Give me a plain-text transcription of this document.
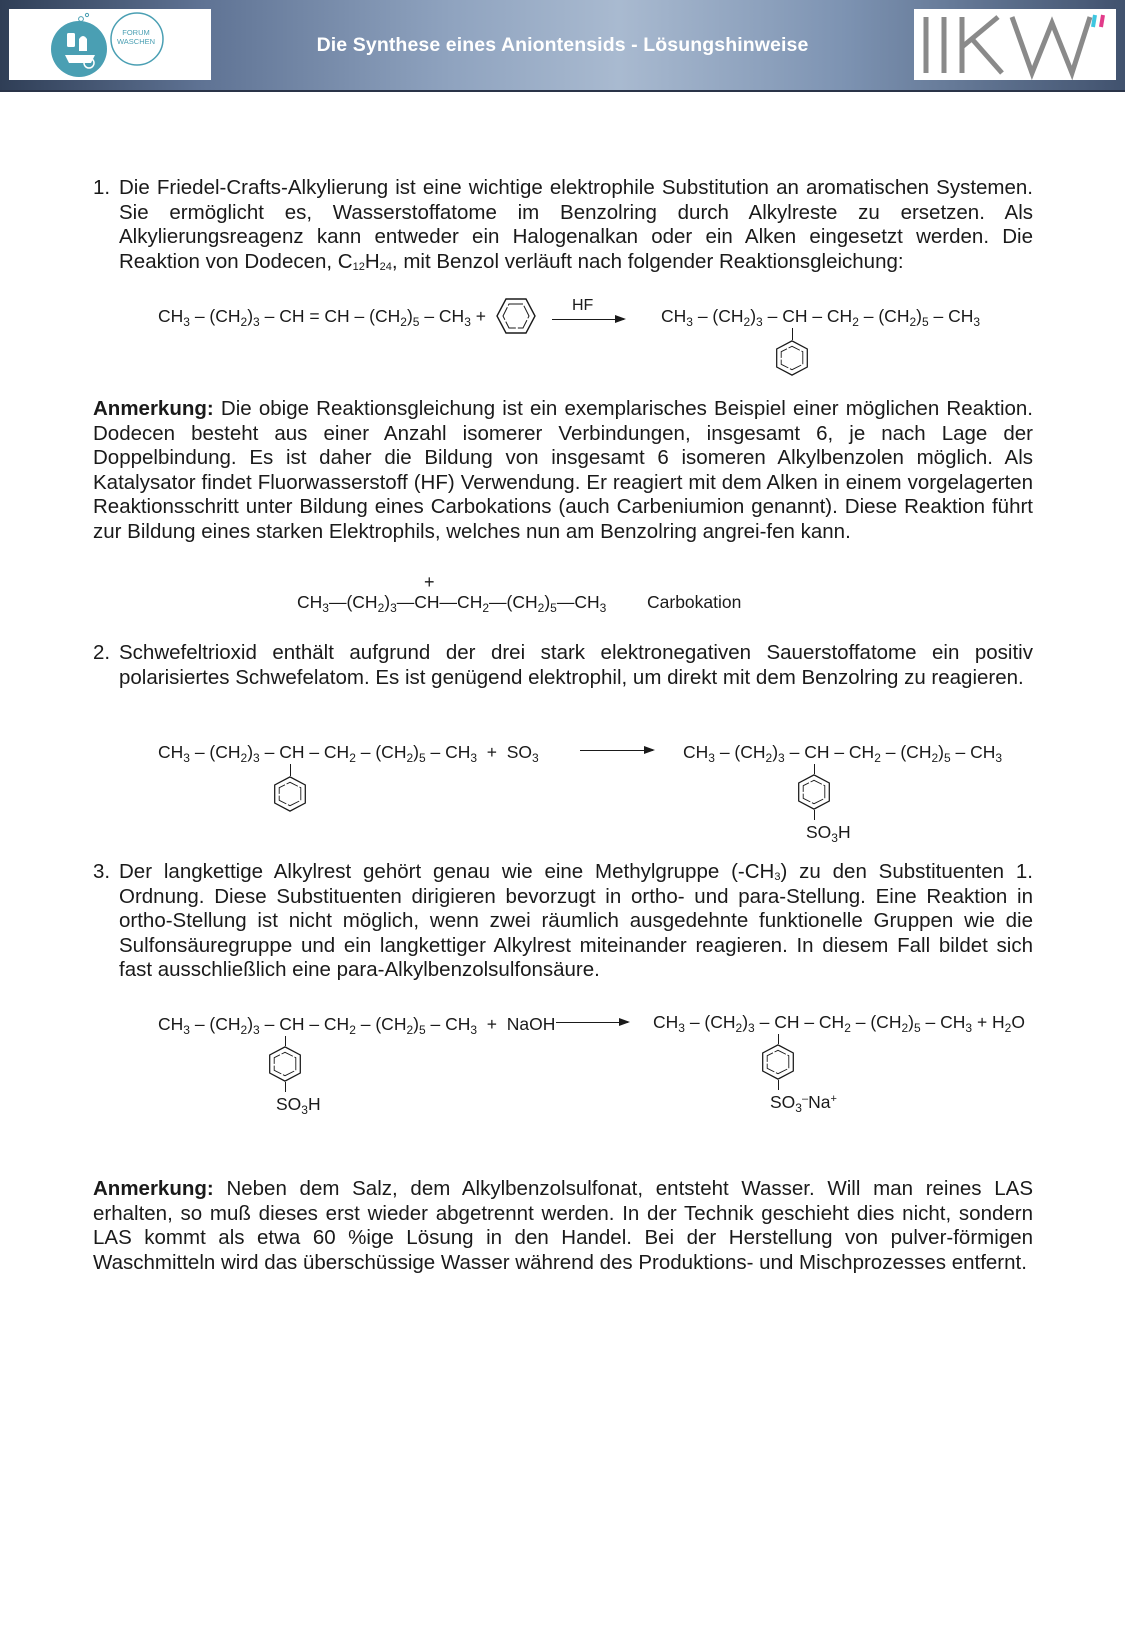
FORUM
WASCHEN	Die Synthese eines Aniontensids - Lösungshinweise
1. Die Friedel-Crafts-Alkylierung ist eine wichtige elektrophile Substitution an aromatischen Systemen. Sie ermöglicht es, Wasserstoffatome im Benzolring durch Alkylreste zu ersetzen. Als Alkylierungsreagenz kann entweder ein Halogenalkan oder ein Alken eingesetzt werden. Die Reaktion von Dodecen, C12H24, mit Benzol verläuft nach folgender Reaktionsgleichung:
$CH_3 - (CH_2)_3$ – CH = CH – $(CH_2)_5 - CH_3$ +
HF
$CH_3 - (CH_2)_3$ – CH – $CH_2 - (CH_2)_5 - CH_3$
Anmerkung: Die obige Reaktionsgleichung ist ein exemplarisches Beispiel einer möglichen Reaktion. Dodecen besteht aus einer Anzahl isomerer Verbindungen, insgesamt 6, je nach Lage der Doppelbindung. Es ist daher die Bildung von insgesamt 6 isomeren Alkylbenzolen möglich. Als Katalysator findet Fluorwasserstoff (HF) Verwendung. Er reagiert mit dem Alken in einem vorgelagerten Reaktionsschritt unter Bildung eines Carbokations (auch Carbeniumion genannt). Diese Reaktion führt zur Bildung eines starken Elektrophils, welches nun am Benzolring angrei-fen kann.
+
$CH_3—(CH_2)_3—CH—CH_2—(CH_2)_5—CH_3$ Carbokation
2. Schwefeltrioxid enthält aufgrund der drei stark elektronegativen Sauerstoffatome ein positiv polarisiertes Schwefelatom. Es ist genügend elektrophil, um direkt mit dem Benzolring zu reagieren.
$CH_3 - (CH_2)_3$ – CH – $CH_2 - (CH_2)_5 - CH_3 + SO_3$	$CH_3 - (CH_2)_3$ – CH – $CH_2 - (CH_2)_5 - CH_3$
$SO_3H$
3. Der langkettige Alkylrest gehört genau wie eine Methylgruppe (-CH3) zu den Substituenten 1. Ordnung. Diese Substituenten dirigieren bevorzugt in ortho- und para-Stellung. Eine Reaktion in ortho-Stellung ist nicht möglich, wenn zwei räumlich ausgedehnte funktionelle Gruppen wie die Sulfonsäuregruppe und ein langkettiger Alkylrest miteinander reagieren. In diesem Fall bildet sich fast ausschließlich eine para-Alkylbenzolsulfonsäure.
$CH_3 - (CH_2)_3$ – CH – $CH_2 - (CH_2)_5 - CH_3$  +  NaOH
$SO_3H$
$CH_3 - (CH_2)_3$ – CH – $CH_2 - (CH_2)_5 - CH_3 + H_2O$
$SO_3^-Na^+$
Anmerkung: Neben dem Salz, dem Alkylbenzolsulfonat, entsteht Wasser. Will man reines LAS erhalten, so muß dieses erst wieder abgetrennt werden. In der Technik geschieht dies nicht, sondern LAS kommt als etwa 60 %ige Lösung in den Handel. Bei der Herstellung von pulver-förmigen Waschmitteln wird das überschüssige Wasser während des Produktions- und Mischprozesses entfernt.
